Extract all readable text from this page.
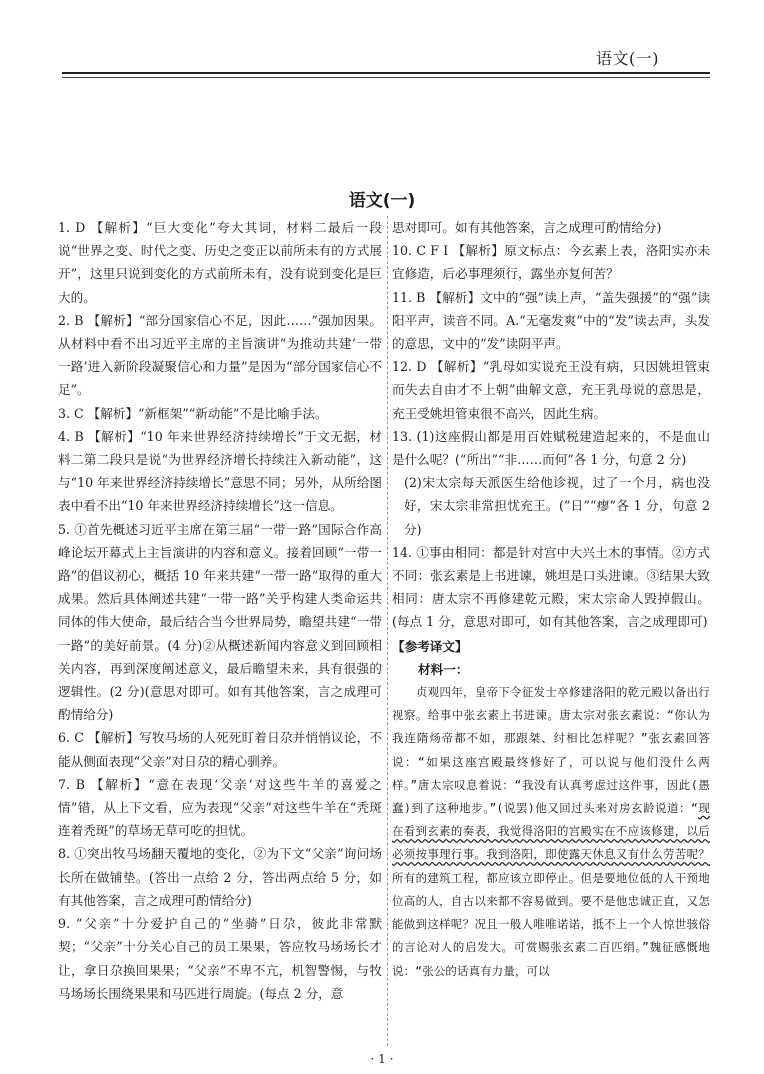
语文(一)
语文(一)
1. D 【解析】“巨大变化”夸大其词，材料二最后一段说“世界之变、时代之变、历史之变正以前所未有的方式展开”，这里只说到变化的方式前所未有，没有说到变化是巨大的。
2. B 【解析】“部分国家信心不足，因此……”强加因果。从材料中看不出习近平主席的主旨演讲“为推动共建‘一带一路’进入新阶段凝聚信心和力量”是因为“部分国家信心不足”。
3. C 【解析】“新框架”“新动能”不是比喻手法。
4. B 【解析】“10 年来世界经济持续增长”于文无据，材料二第二段只是说“为世界经济增长持续注入新动能”，这与“10 年来世界经济持续增长”意思不同；另外，从所给图表中看不出“10 年来世界经济持续增长”这一信息。
5. ①首先概述习近平主席在第三届“一带一路”国际合作高峰论坛开幕式上主旨演讲的内容和意义。接着回顾“一带一路”的倡议初心，概括 10 年来共建“一带一路”取得的重大成果。然后具体阐述共建“一带一路”关乎构建人类命运共同体的伟大使命，最后结合当今世界局势，瞻望共建“一带一路”的美好前景。(4 分)②从概述新闻内容意义到回顾相关内容，再到深度阐述意义，最后瞻望未来，具有很强的逻辑性。(2 分)(意思对即可。如有其他答案，言之成理可酌情给分)
6. C 【解析】写牧马场的人死死盯着日尕并悄悄议论，不能从侧面表现“父亲”对日尕的精心驯养。
7. B 【解析】“意在表现‘父亲’对这些牛羊的喜爱之情”错，从上下文看，应为表现“父亲”对这些牛羊在“秃斑连着秃斑”的草场无草可吃的担忧。
8. ①突出牧马场翻天覆地的变化，②为下文“父亲”询问场长所在做铺垫。(答出一点给 2 分，答出两点给 5 分，如有其他答案，言之成理可酌情给分)
9. “父亲”十分爱护自己的“坐骑”日尕，彼此非常默契；“父亲”十分关心自己的员工果果，答应牧马场场长才让，拿日尕换回果果；“父亲”不卑不亢，机智警惕，与牧马场场长围绕果果和马匹进行周旋。(每点 2 分，意
思对即可。如有其他答案，言之成理可酌情给分)
10. C F I 【解析】原文标点：今玄素上表，洛阳实亦未宜修造，后必事理须行，露坐亦复何苦？
11. B 【解析】文中的“强”读上声，“盖失强援”的“强”读阳平声，读音不同。A.“无毫发爽”中的“发”读去声，头发的意思，文中的“发”读阴平声。
12. D 【解析】“乳母如实说充王没有病，只因姚坦管束而失去自由才不上朝”曲解文意，充王乳母说的意思是，充王受姚坦管束很不高兴，因此生病。
13. (1)这座假山都是用百姓赋税建造起来的，不是血山是什么呢？(“所出”“非……而何”各 1 分，句意 2 分)
(2)宋太宗每天派医生给他诊视，过了一个月，病也没好，宋太宗非常担忧充王。(“日”“瘳”各 1 分，句意 2 分)
14. ①事由相同：都是针对宫中大兴土木的事情。②方式不同：张玄素是上书进谏，姚坦是口头进谏。③结果大致相同：唐太宗不再修建乾元殿，宋太宗命人毁掉假山。(每点 1 分，意思对即可，如有其他答案，言之成理即可)
【参考译文】
材料一：
贞观四年，皇帝下令征发士卒修建洛阳的乾元殿以备出行视察。给事中张玄素上书进谏。唐太宗对张玄素说：“你认为我连隋炀帝都不如，那跟桀、纣相比怎样呢？”张玄素回答说：“如果这座宫殿最终修好了，可以说与他们没什么两样。”唐太宗叹息着说：“我没有认真考虑过这件事，因此(愚蠢)到了这种地步。”(说罢)他又回过头来对房玄龄说道：“现在看到玄素的奏表，我觉得洛阳的宫殿实在不应该修建，以后必须按事理行事。我到洛阳，即使露天休息又有什么劳苦呢？所有的建筑工程，都应该立即停止。但是要地位低的人干预地位高的人，自古以来都不容易做到。要不是他忠诚正直，又怎能做到这样呢？况且一般人唯唯诺诺，抵不上一个人惊世骇俗的言论对人的启发大。可赏赐张玄素二百匹绢。”魏征感慨地说：“张公的话真有力量，可以
· 1 ·
